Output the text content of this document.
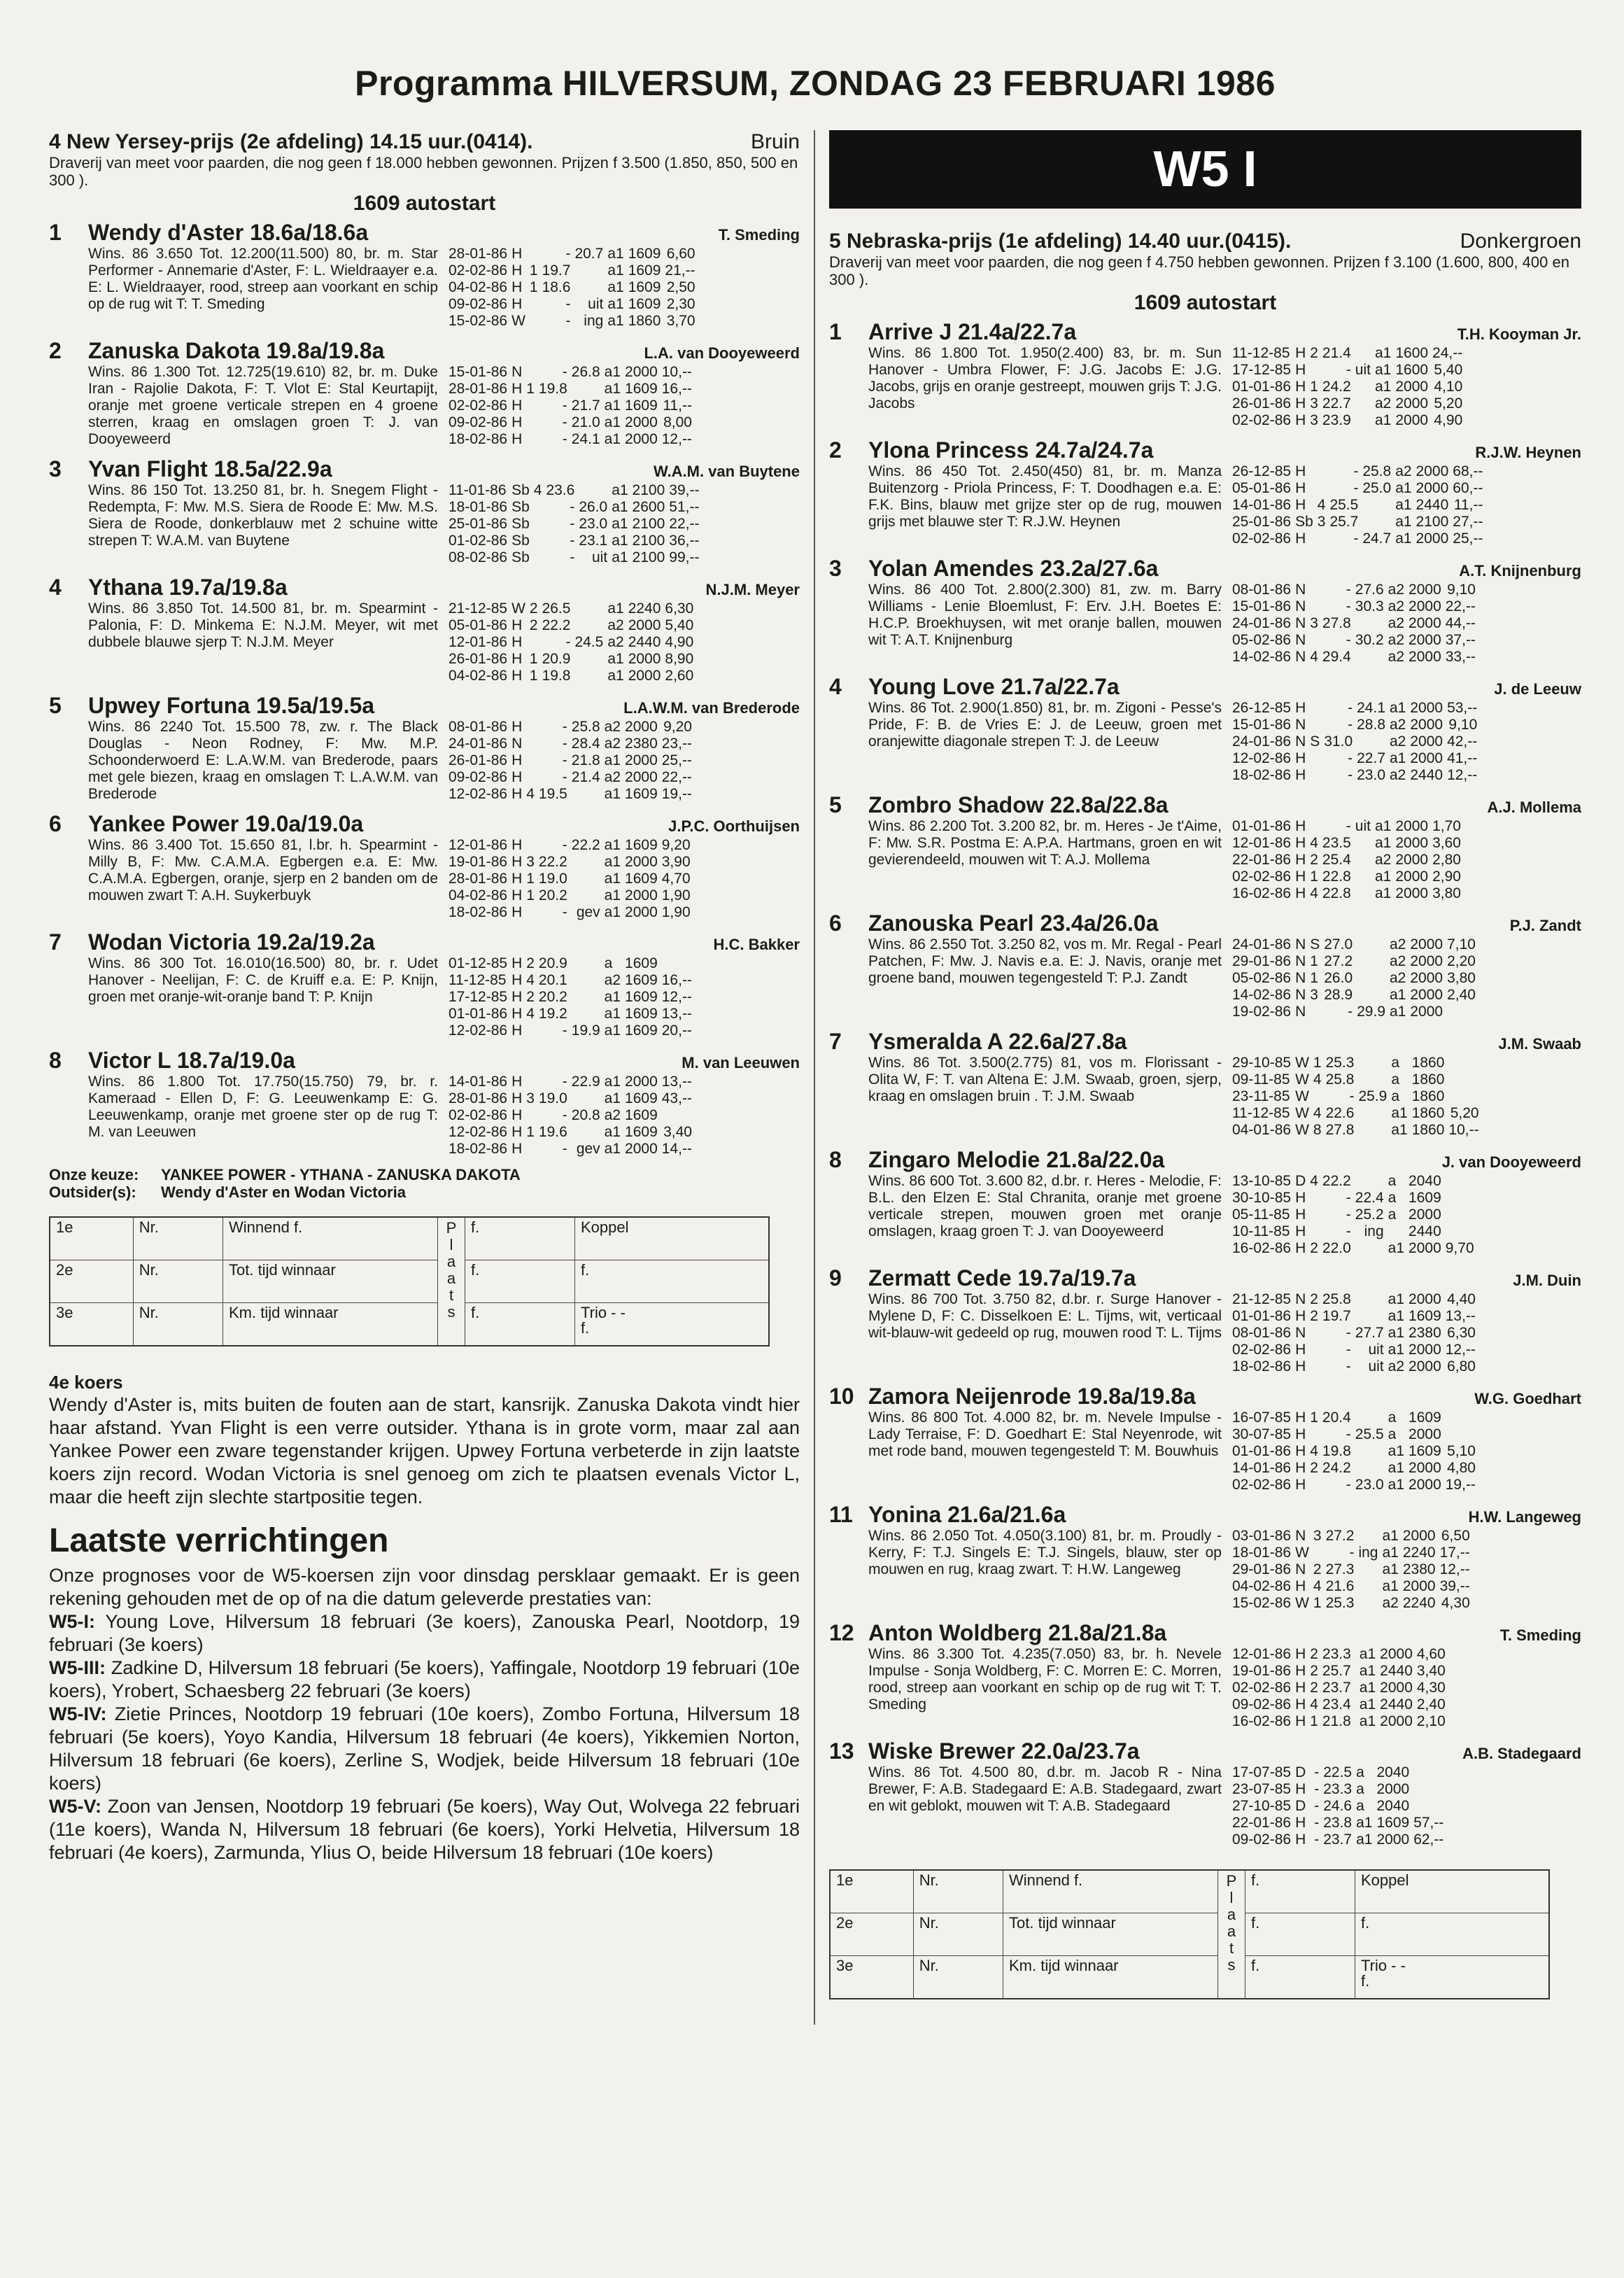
Programma HILVERSUM, ZONDAG 23 FEBRUARI 1986
Bruin
4 New Yersey-prijs (2e afdeling) 14.15 uur.(0414).
Draverij van meet voor paarden, die nog geen f 18.000 hebben gewonnen. Prijzen f 3.500 (1.850, 850, 500 en 300 ).
1609 autostart
1	Wendy d'Aster 18.6a/18.6a	T. Smeding
Wins. 86 3.650 Tot. 12.200(11.500) 80, br. m. Star Performer - Annemarie d'Aster, F: L. Wieldraayer e.a. E: L. Wieldraayer, rood, streep aan voorkant en schip op de rug wit T: T. Smeding
28-01-86	H		-	20.7	a1	1609	6,60
02-02-86	H	1	19.7		a1	1609	21,--
04-02-86	H	1	18.6		a1	1609	2,50
09-02-86	H		-	uit	a1	1609	2,30
15-02-86	W		-	ing	a1	1860	3,70
2	Zanuska Dakota 19.8a/19.8a	L.A. van Dooyeweerd
Wins. 86 1.300 Tot. 12.725(19.610) 82, br. m. Duke Iran - Rajolie Dakota, F: T. Vlot E: Stal Keurtapijt, oranje met groene verticale strepen en 4 groene sterren, kraag en omslagen groen T: J. van Dooyeweerd
15-01-86	N		-	26.8	a1	2000	10,--
28-01-86	H	1	19.8		a1	1609	16,--
02-02-86	H		-	21.7	a1	1609	11,--
09-02-86	H		-	21.0	a1	2000	8,00
18-02-86	H		-	24.1	a1	2000	12,--
3	Yvan Flight 18.5a/22.9a	W.A.M. van Buytene
Wins. 86 150 Tot. 13.250 81, br. h. Snegem Flight - Redempta, F: Mw. M.S. Siera de Roode E: Mw. M.S. Siera de Roode, donkerblauw met 2 schuine witte strepen T: W.A.M. van Buytene
11-01-86	Sb	4	23.6		a1	2100	39,--
18-01-86	Sb		-	26.0	a1	2600	51,--
25-01-86	Sb		-	23.0	a1	2100	22,--
01-02-86	Sb		-	23.1	a1	2100	36,--
08-02-86	Sb		-	uit	a1	2100	99,--
4	Ythana 19.7a/19.8a	N.J.M. Meyer
Wins. 86 3.850 Tot. 14.500 81, br. m. Spearmint - Palonia, F: D. Minkema E: N.J.M. Meyer, wit met dubbele blauwe sjerp T: N.J.M. Meyer
21-12-85	W	2	26.5		a1	2240	6,30
05-01-86	H	2	22.2		a2	2000	5,40
12-01-86	H		-	24.5	a2	2440	4,90
26-01-86	H	1	20.9		a1	2000	8,90
04-02-86	H	1	19.8		a1	2000	2,60
5	Upwey Fortuna 19.5a/19.5a	L.A.W.M. van Brederode
Wins. 86 2240 Tot. 15.500 78, zw. r. The Black Douglas - Neon Rodney, F: Mw. M.P. Schoonderwoerd E: L.A.W.M. van Brederode, paars met gele biezen, kraag en omslagen T: L.A.W.M. van Brederode
08-01-86	H		-	25.8	a2	2000	9,20
24-01-86	N		-	28.4	a2	2380	23,--
26-01-86	H		-	21.8	a1	2000	25,--
09-02-86	H		-	21.4	a2	2000	22,--
12-02-86	H	4	19.5		a1	1609	19,--
6	Yankee Power 19.0a/19.0a	J.P.C. Oorthuijsen
Wins. 86 3.400 Tot. 15.650 81, l.br. h. Spearmint - Milly B, F: Mw. C.A.M.A. Egbergen e.a. E: Mw. C.A.M.A. Egbergen, oranje, sjerp en 2 banden om de mouwen zwart T: A.H. Suykerbuyk
12-01-86	H		-	22.2	a1	1609	9,20
19-01-86	H	3	22.2		a1	2000	3,90
28-01-86	H	1	19.0		a1	1609	4,70
04-02-86	H	1	20.2		a1	2000	1,90
18-02-86	H		-	gev	a1	2000	1,90
7	Wodan Victoria 19.2a/19.2a	H.C. Bakker
Wins. 86 300 Tot. 16.010(16.500) 80, br. r. Udet Hanover - Neelijan, F: C. de Kruiff e.a. E: P. Knijn, groen met oranje-wit-oranje band T: P. Knijn
01-12-85	H	2	20.9		a	1609	
11-12-85	H	4	20.1		a2	1609	16,--
17-12-85	H	2	20.2		a1	1609	12,--
01-01-86	H	4	19.2		a1	1609	13,--
12-02-86	H		-	19.9	a1	1609	20,--
8	Victor L 18.7a/19.0a	M. van Leeuwen
Wins. 86 1.800 Tot. 17.750(15.750) 79, br. r. Kameraad - Ellen D, F: G. Leeuwenkamp E: G. Leeuwenkamp, oranje met groene ster op de rug T: M. van Leeuwen
14-01-86	H		-	22.9	a1	2000	13,--
28-01-86	H	3	19.0		a1	1609	43,--
02-02-86	H		-	20.8	a2	1609	
12-02-86	H	1	19.6		a1	1609	3,40
18-02-86	H		-	gev	a1	2000	14,--
Onze keuze: YANKEE POWER - YTHANA - ZANUSKA DAKOTA
Outsider(s): Wendy d'Aster en Wodan Victoria
1e	Nr.	Winnend f.	P l a a t s	f.	Koppel
2e	Nr.	Tot. tijd winnaar		f.	f.
3e	Nr.	Km. tijd winnaar		f.	Trio - -
f.
4e koers
Wendy d'Aster is, mits buiten de fouten aan de start, kansrijk. Zanuska Dakota vindt hier haar afstand. Yvan Flight is een verre outsider. Ythana is in grote vorm, maar zal aan Yankee Power een zware tegenstander krijgen. Upwey Fortuna verbeterde in zijn laatste koers zijn record. Wodan Victoria is snel genoeg om zich te plaatsen evenals Victor L, maar die heeft zijn slechte startpositie tegen.
Laatste verrichtingen
Onze prognoses voor de W5-koersen zijn voor dinsdag persklaar gemaakt. Er is geen rekening gehouden met de op of na die datum geleverde prestaties van:
W5-I: Young Love, Hilversum 18 februari (3e koers), Zanouska Pearl, Nootdorp, 19 februari (3e koers)
W5-III: Zadkine D, Hilversum 18 februari (5e koers), Yaffingale, Nootdorp 19 februari (10e koers), Yrobert, Schaesberg 22 februari (3e koers)
W5-IV: Zietie Princes, Nootdorp 19 februari (10e koers), Zombo Fortuna, Hilversum 18 februari (5e koers), Yoyo Kandia, Hilversum 18 februari (4e koers), Yikkemien Norton, Hilversum 18 februari (6e koers), Zerline S, Wodjek, beide Hilversum 18 februari (10e koers)
W5-V: Zoon van Jensen, Nootdorp 19 februari (5e koers), Way Out, Wolvega 22 februari (11e koers), Wanda N, Hilversum 18 februari (6e koers), Yorki Helvetia, Hilversum 18 februari (4e koers), Zarmunda, Ylius O, beide Hilversum 18 februari (10e koers)
W5 I
Donkergroen
5 Nebraska-prijs (1e afdeling) 14.40 uur.(0415).
Draverij van meet voor paarden, die nog geen f 4.750 hebben gewonnen. Prijzen f 3.100 (1.600, 800, 400 en 300 ).
1609 autostart
1	Arrive J 21.4a/22.7a	T.H. Kooyman Jr.
Wins. 86 1.800 Tot. 1.950(2.400) 83, br. m. Sun Hanover - Umbra Flower, F: J.G. Jacobs E: J.G. Jacobs, grijs en oranje gestreept, mouwen grijs T: J.G. Jacobs
11-12-85	H	2	21.4		a1	1600	24,--
17-12-85	H		-	uit	a1	1600	5,40
01-01-86	H	1	24.2		a1	2000	4,10
26-01-86	H	3	22.7		a2	2000	5,20
02-02-86	H	3	23.9		a1	2000	4,90
2	Ylona Princess 24.7a/24.7a	R.J.W. Heynen
Wins. 86 450 Tot. 2.450(450) 81, br. m. Manza Buitenzorg - Priola Princess, F: T. Doodhagen e.a. E: F.K. Bins, blauw met grijze ster op de rug, mouwen grijs met blauwe ster T: R.J.W. Heynen
26-12-85	H		-	25.8	a2	2000	68,--
05-01-86	H		-	25.0	a1	2000	60,--
14-01-86	H	4	25.5		a1	2440	11,--
25-01-86	Sb	3	25.7		a1	2100	27,--
02-02-86	H		-	24.7	a1	2000	25,--
3	Yolan Amendes 23.2a/27.6a	A.T. Knijnenburg
Wins. 86 400 Tot. 2.800(2.300) 81, zw. m. Barry Williams - Lenie Bloemlust, F: Erv. J.H. Boetes E: H.C.P. Broekhuysen, wit met oranje ballen, mouwen wit T: A.T. Knijnenburg
08-01-86	N		-	27.6	a2	2000	9,10
15-01-86	N		-	30.3	a2	2000	22,--
24-01-86	N	3	27.8		a2	2000	44,--
05-02-86	N		-	30.2	a2	2000	37,--
14-02-86	N	4	29.4		a2	2000	33,--
4	Young Love 21.7a/22.7a	J. de Leeuw
Wins. 86 Tot. 2.900(1.850) 81, br. m. Zigoni - Pesse's Pride, F: B. de Vries E: J. de Leeuw, groen met oranjewitte diagonale strepen T: J. de Leeuw
26-12-85	H		-	24.1	a1	2000	53,--
15-01-86	N		-	28.8	a2	2000	9,10
24-01-86	N	S	31.0		a2	2000	42,--
12-02-86	H		-	22.7	a1	2000	41,--
18-02-86	H		-	23.0	a2	2440	12,--
5	Zombro Shadow 22.8a/22.8a	A.J. Mollema
Wins. 86 2.200 Tot. 3.200 82, br. m. Heres - Je t'Aime, F: Mw. S.R. Postma E: A.P.A. Hartmans, groen en wit gevierendeeld, mouwen wit T: A.J. Mollema
01-01-86	H		-	uit	a1	2000	1,70
12-01-86	H	4	23.5		a1	2000	3,60
22-01-86	H	2	25.4		a2	2000	2,80
02-02-86	H	1	22.8		a1	2000	2,90
16-02-86	H	4	22.8		a1	2000	3,80
6	Zanouska Pearl 23.4a/26.0a	P.J. Zandt
Wins. 86 2.550 Tot. 3.250 82, vos m. Mr. Regal - Pearl Patchen, F: Mw. J. Navis e.a. E: J. Navis, oranje met groene band, mouwen tegengesteld T: P.J. Zandt
24-01-86	N	S	27.0		a2	2000	7,10
29-01-86	N	1	27.2		a2	2000	2,20
05-02-86	N	1	26.0		a2	2000	3,80
14-02-86	N	3	28.9		a1	2000	2,40
19-02-86	N		-	29.9	a1	2000	
7	Ysmeralda A 22.6a/27.8a	J.M. Swaab
Wins. 86 Tot. 3.500(2.775) 81, vos m. Florissant - Olita W, F: T. van Altena E: J.M. Swaab, groen, sjerp, kraag en omslagen bruin . T: J.M. Swaab
29-10-85	W	1	25.3		a	1860	
09-11-85	W	4	25.8		a	1860	
23-11-85	W		-	25.9	a	1860	
11-12-85	W	4	22.6		a1	1860	5,20
04-01-86	W	8	27.8		a1	1860	10,--
8	Zingaro Melodie 21.8a/22.0a	J. van Dooyeweerd
Wins. 86 600 Tot. 3.600 82, d.br. r. Heres - Melodie, F: B.L. den Elzen E: Stal Chranita, oranje met groene verticale strepen, mouwen groen met oranje omslagen, kraag groen T: J. van Dooyeweerd
13-10-85	D	4	22.2		a	2040	
30-10-85	H		-	22.4	a	1609	
05-11-85	H		-	25.2	a	2000	
10-11-85	H		-	ing		2440	
16-02-86	H	2	22.0		a1	2000	9,70
9	Zermatt Cede 19.7a/19.7a	J.M. Duin
Wins. 86 700 Tot. 3.750 82, d.br. r. Surge Hanover - Mylene D, F: C. Disselkoen E: L. Tijms, wit, verticaal wit-blauw-wit gedeeld op rug, mouwen rood T: L. Tijms
21-12-85	N	2	25.8		a1	2000	4,40
01-01-86	H	2	19.7		a1	1609	13,--
08-01-86	N		-	27.7	a1	2380	6,30
02-02-86	H		-	uit	a1	2000	12,--
18-02-86	H		-	uit	a2	2000	6,80
10 Zamora Neijenrode 19.8a/19.8a	W.G. Goedhart
Wins. 86 800 Tot. 4.000 82, br. m. Nevele Impulse - Lady Terraise, F: D. Goedhart E: Stal Neyenrode, wit met rode band, mouwen tegengesteld T: M. Bouwhuis
16-07-85	H	1	20.4		a	1609	
30-07-85	H		-	25.5	a	2000	
01-01-86	H	4	19.8		a1	1609	5,10
14-01-86	H	2	24.2		a1	2000	4,80
02-02-86	H		-	23.0	a1	2000	19,--
11 Yonina 21.6a/21.6a	H.W. Langeweg
Wins. 86 2.050 Tot. 4.050(3.100) 81, br. m. Proudly - Kerry, F: T.J. Singels E: T.J. Singels, blauw, ster op mouwen en rug, kraag zwart. T: H.W. Langeweg
03-01-86	N	3	27.2		a1	2000	6,50
18-01-86	W		-	ing	a1	2240	17,--
29-01-86	N	2	27.3		a1	2380	12,--
04-02-86	H	4	21.6		a1	2000	39,--
15-02-86	W	1	25.3		a2	2240	4,30
12 Anton Woldberg 21.8a/21.8a	T. Smeding
Wins. 86 3.300 Tot. 4.235(7.050) 83, br. h. Nevele Impulse - Sonja Woldberg, F: C. Morren E: C. Morren, rood, streep aan voorkant en schip op de rug wit T: T. Smeding
12-01-86	H	2	23.3		a1	2000	4,60
19-01-86	H	2	25.7		a1	2440	3,40
02-02-86	H	2	23.7		a1	2000	4,30
09-02-86	H	4	23.4		a1	2440	2,40
16-02-86	H	1	21.8		a1	2000	2,10
13 Wiske Brewer 22.0a/23.7a	A.B. Stadegaard
Wins. 86 Tot. 4.500 80, d.br. m. Jacob R - Nina Brewer, F: A.B. Stadegaard E: A.B. Stadegaard, zwart en wit geblokt, mouwen wit T: A.B. Stadegaard
17-07-85	D		-	22.5	a	2040	
23-07-85	H		-	23.3	a	2000	
27-10-85	D		-	24.6	a	2040	
22-01-86	H		-	23.8	a1	1609	57,--
09-02-86	H		-	23.7	a1	2000	62,--
1e	Nr.	Winnend f.	P l a a t s	f.	Koppel
2e	Nr.	Tot. tijd winnaar		f.	f.
3e	Nr.	Km. tijd winnaar		f.	Trio - -
f.
